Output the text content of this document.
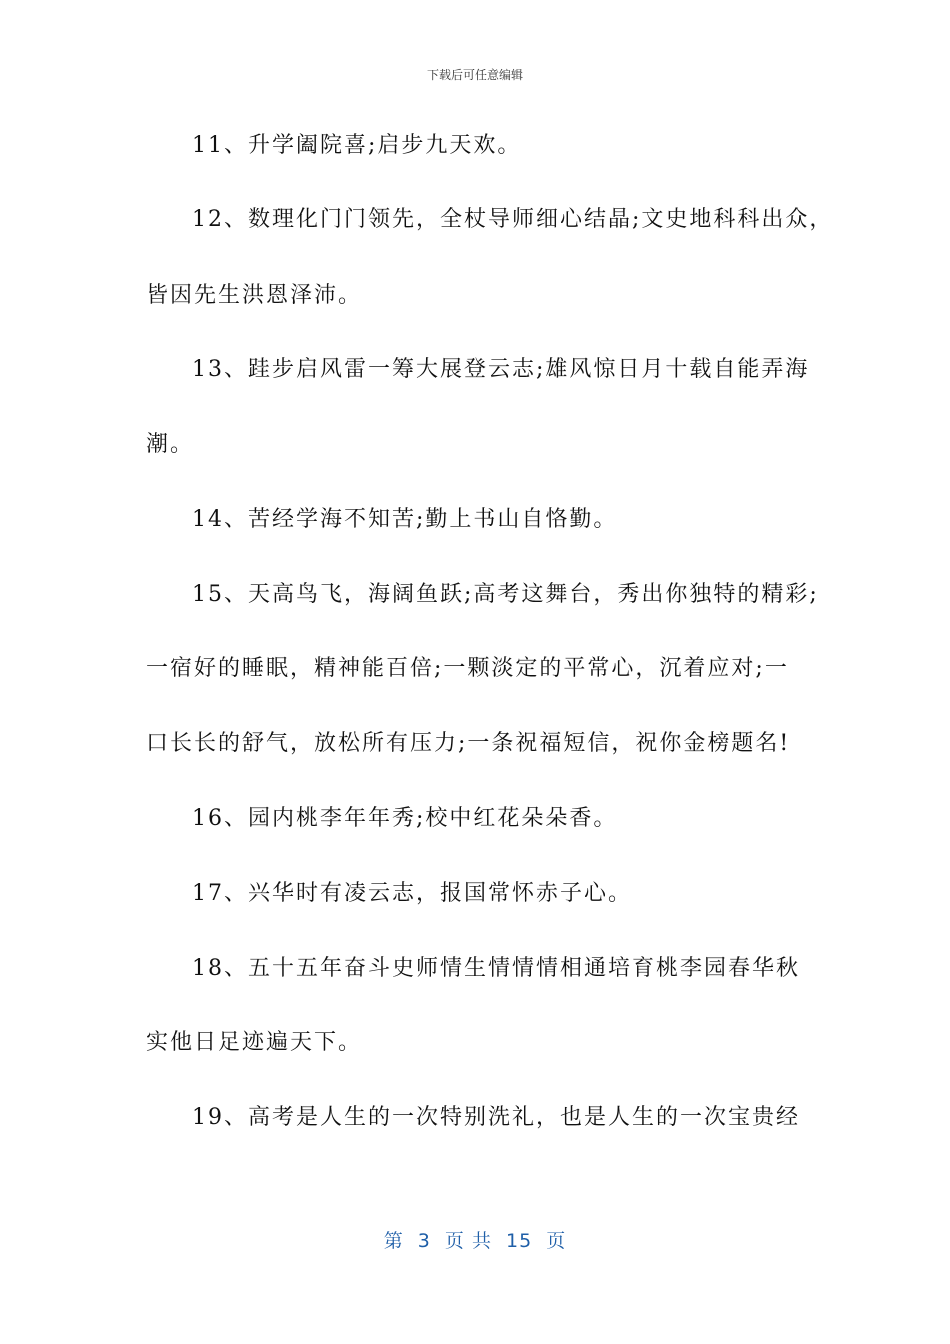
下载后可任意编辑
11、升学阖院喜;启步九天欢。
12、数理化门门领先，全杖导师细心结晶;文史地科科出众，
皆因先生洪恩泽沛。
13、跬步启风雷一筹大展登云志;雄风惊日月十载自能弄海
潮。
14、苦经学海不知苦;勤上书山自恪勤。
15、天高鸟飞，海阔鱼跃;高考这舞台，秀出你独特的精彩;
一宿好的睡眠，精神能百倍;一颗淡定的平常心，沉着应对;一
口长长的舒气，放松所有压力;一条祝福短信，祝你金榜题名!
16、园内桃李年年秀;校中红花朵朵香。
17、兴华时有凌云志，报国常怀赤子心。
18、五十五年奋斗史师情生情情情相通培育桃李园春华秋
实他日足迹遍天下。
19、高考是人生的一次特别洗礼，也是人生的一次宝贵经
第  3  页 共  15  页
